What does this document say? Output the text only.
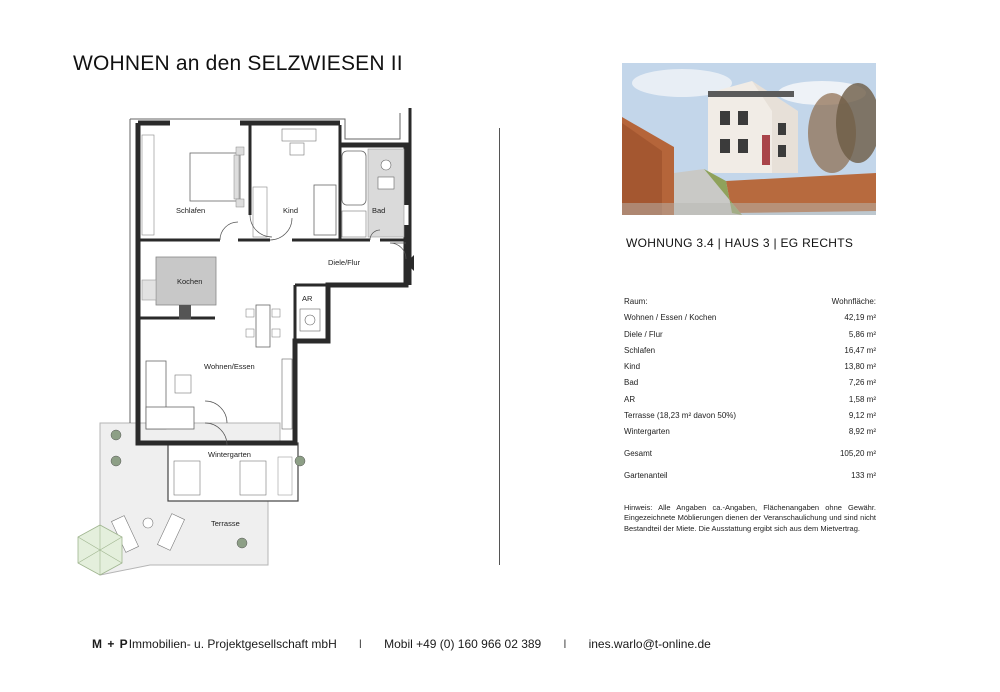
WOHNEN an den SELZWIESEN II
Schlafen	Kind	Bad
Kochen
Diele/Flur
AR
Wohnen/Essen
Wintergarten
Terrasse
WOHNUNG 3.4 | HAUS 3 | EG RECHTS
Raum:	Wohnfläche:
Wohnen / Essen / Kochen	42,19 m²
Diele / Flur	5,86 m²
Schlafen	16,47 m²
Kind	13,80 m²
Bad	7,26 m²
AR	1,58 m²
Terrasse (18,23 m² davon 50%)	9,12 m²
Wintergarten	8,92 m²
Gesamt	105,20 m²
Gartenanteil	133 m²
Hinweis: Alle Angaben ca.-Angaben, Flächenangaben ohne Gewähr. Eingezeichnete Möblierungen dienen der Veranschaulichung und sind nicht Bestandteil der Miete. Die Ausstattung ergibt sich aus dem Mietvertrag.
M + P Immobilien- u. Projektgesellschaft mbH I Mobil +49 (0) 160 966 02 389 I ines.warlo@t-online.de
